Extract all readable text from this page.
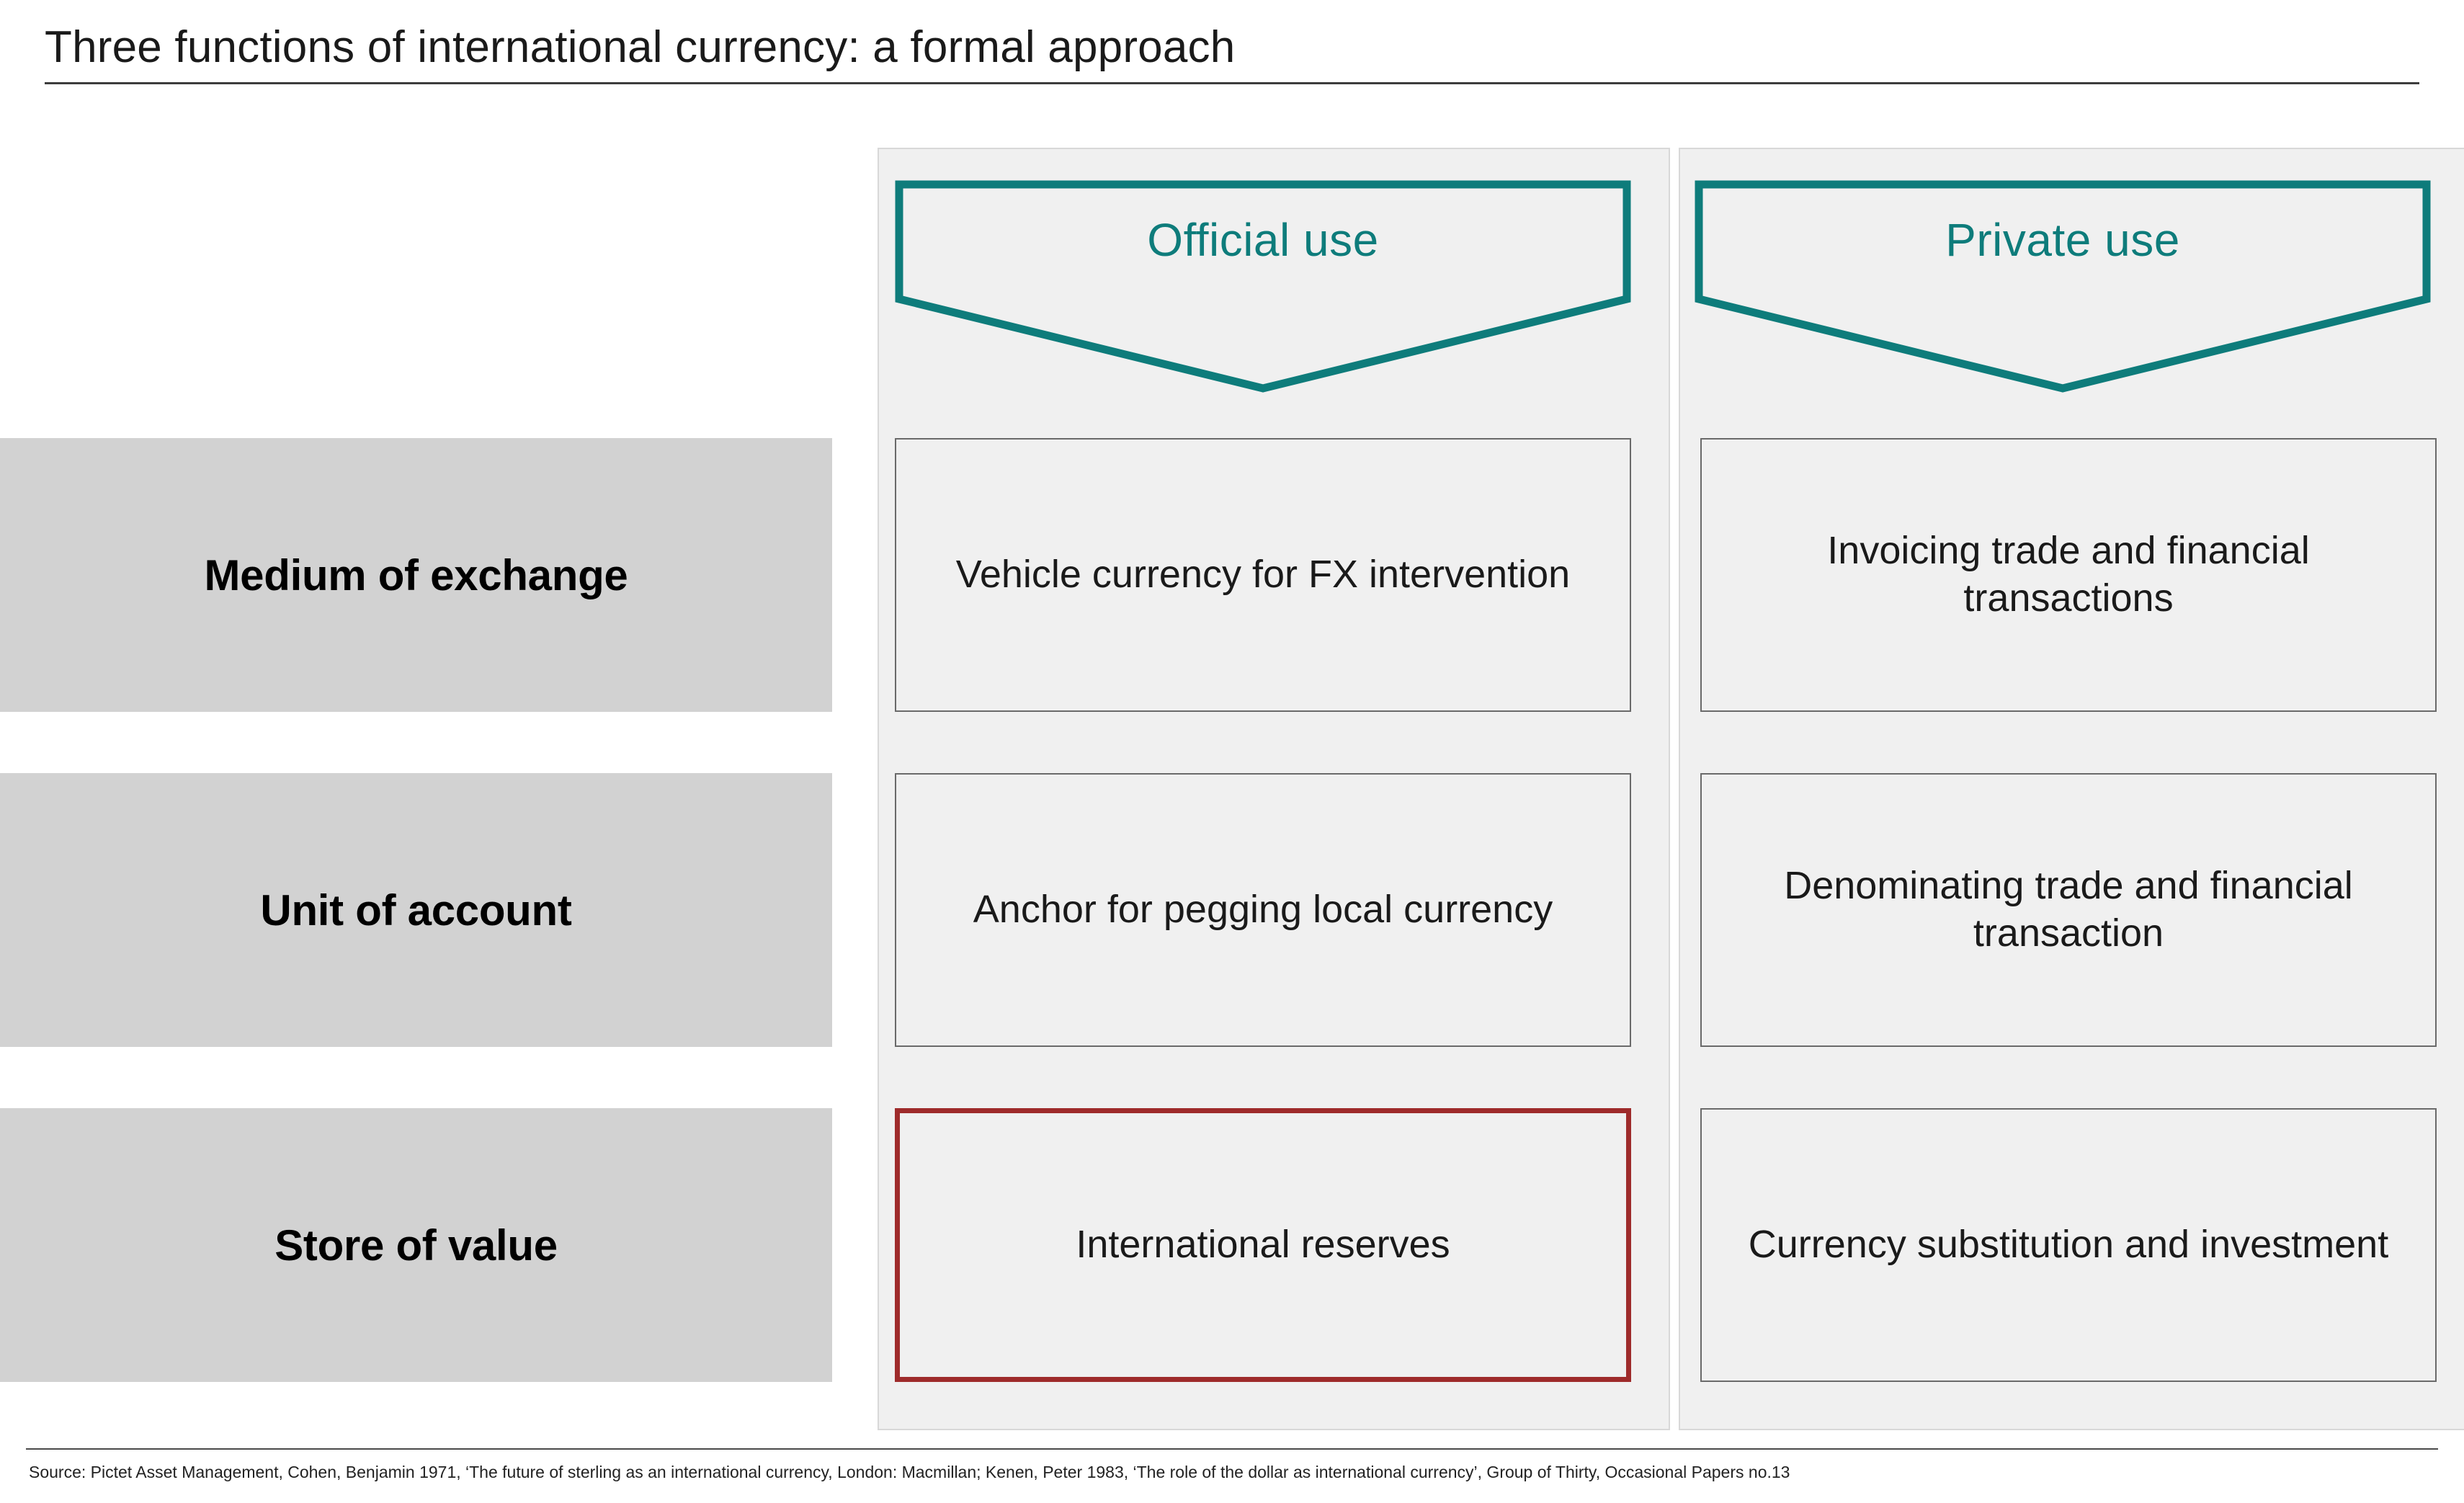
Three functions of international currency: a formal approach
Official use	Private use
Medium of exchange
Unit of account
Store of value
Vehicle currency for FX intervention
Anchor for pegging local currency
International reserves
Invoicing trade and financial transactions
Denominating trade and financial transaction
Currency substitution and investment
Source: Pictet Asset Management, Cohen, Benjamin 1971, ‘The future of sterling as an international currency, London: Macmillan; Kenen, Peter 1983, ‘The role of the dollar as international currency’, Group of Thirty, Occasional Papers no.13
